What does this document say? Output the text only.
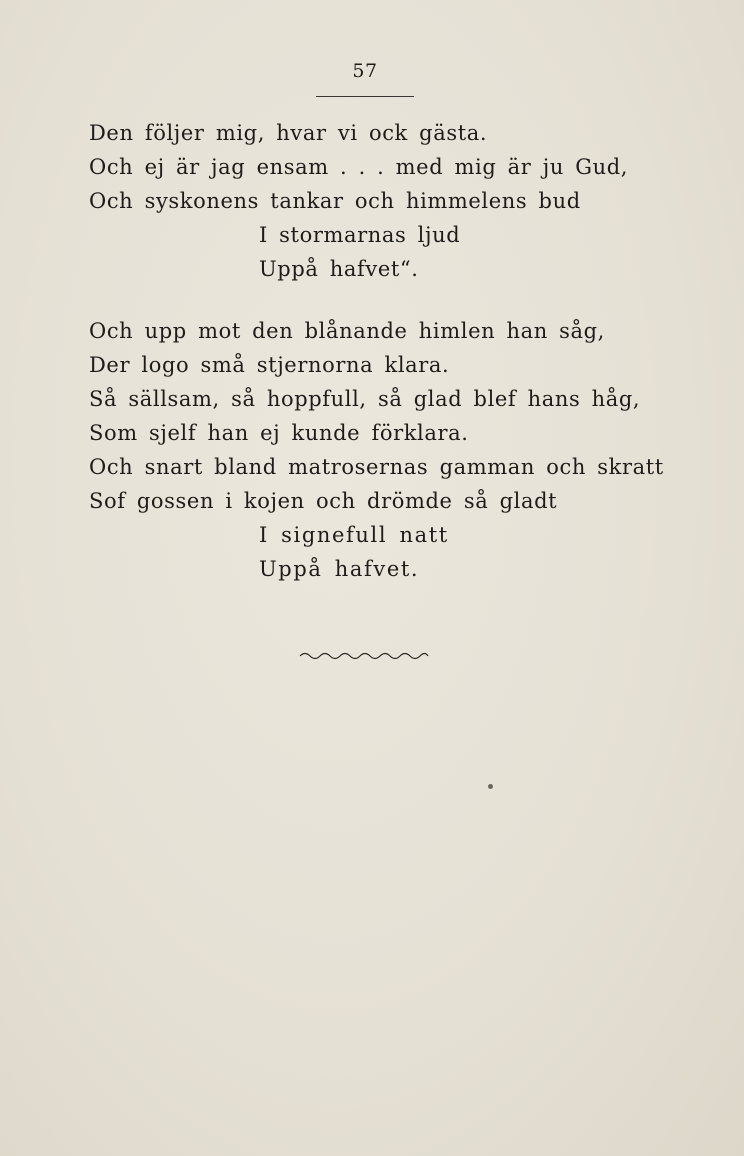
57
Den följer mig, hvar vi ock gästa.
Och ej är jag ensam . . . med mig är ju Gud,
Och syskonens tankar och himmelens bud
I stormarnas ljud
Uppå hafvet“.
Och upp mot den blånande himlen han såg,
Der logo små stjernorna klara.
Så sällsam, så hoppfull, så glad blef hans håg,
Som sjelf han ej kunde förklara.
Och snart bland matrosernas gamman och skratt
Sof gossen i kojen och drömde så gladt
I signefull natt
Uppå hafvet.
